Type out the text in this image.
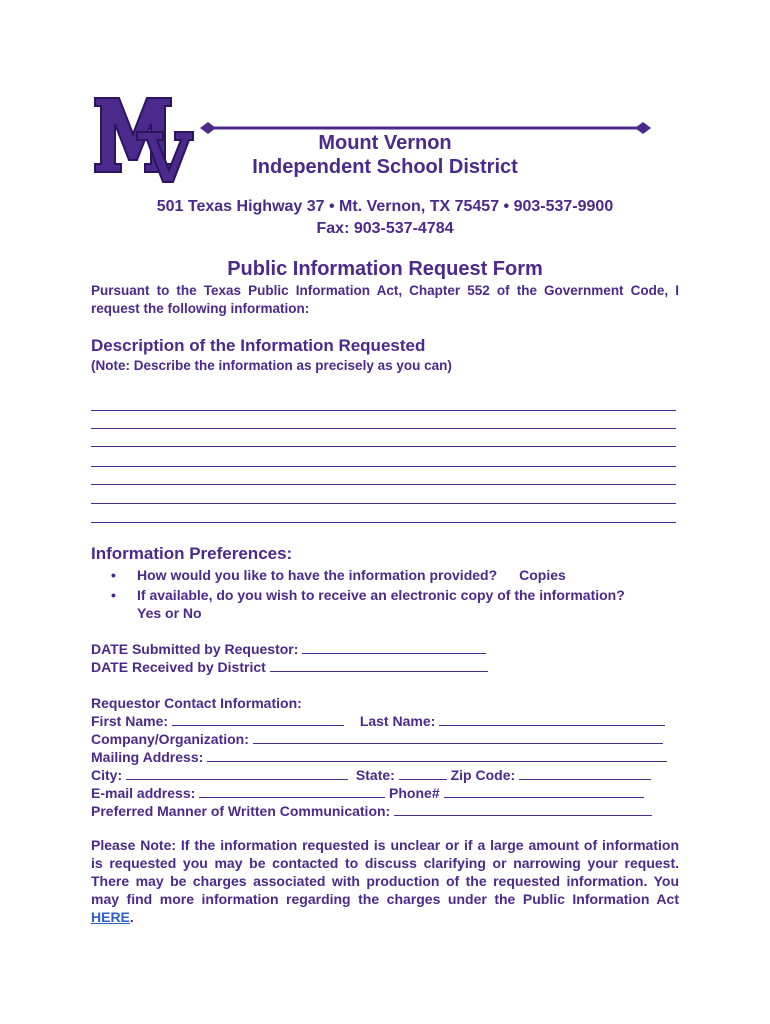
Mount Vernon
Independent School District
501 Texas Highway 37 • Mt. Vernon, TX 75457 • 903-537-9900
Fax: 903-537-4784
Public Information Request Form
Pursuant to the Texas Public Information Act, Chapter 552 of the Government Code, I request the following information:
Description of the Information Requested
(Note: Describe the information as precisely as you can)
Information Preferences:
• How would you like to have the information provided? Copies
• If available, do you wish to receive an electronic copy of the information?
Yes or No
DATE Submitted by Requestor:
DATE Received by District
Requestor Contact Information:
First Name:	Last Name:
Company/Organization:
Mailing Address:
City:	State:	Zip Code:
E-mail address:	Phone#
Preferred Manner of Written Communication:
Please Note: If the information requested is unclear or if a large amount of information is requested you may be contacted to discuss clarifying or narrowing your request. There may be charges associated with production of the requested information. You may find more information regarding the charges under the Public Information Act HERE.
